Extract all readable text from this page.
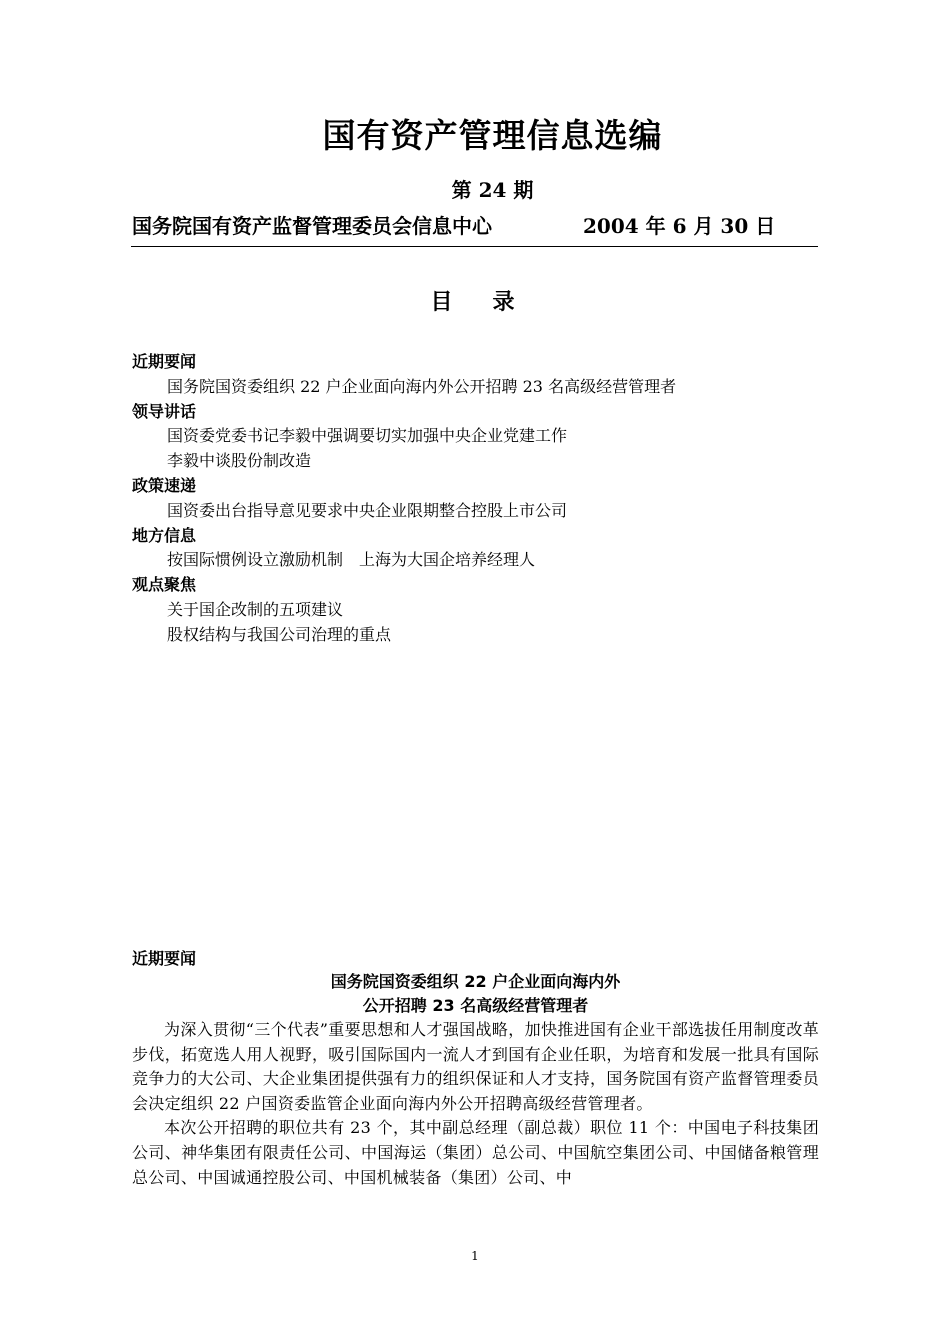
国有资产管理信息选编
第 24 期
国务院国有资产监督管理委员会信息中心	2004 年 6 月 30 日
目录
近期要闻
国务院国资委组织 22 户企业面向海内外公开招聘 23 名高级经营管理者
领导讲话
国资委党委书记李毅中强调要切实加强中央企业党建工作
李毅中谈股份制改造
政策速递
国资委出台指导意见要求中央企业限期整合控股上市公司
地方信息
按国际惯例设立激励机制　上海为大国企培养经理人
观点聚焦
关于国企改制的五项建议
股权结构与我国公司治理的重点
近期要闻
国务院国资委组织 22 户企业面向海内外
公开招聘 23 名高级经营管理者

为深入贯彻“三个代表”重要思想和人才强国战略，加快推进国有企业干部选拔任用制度改革步伐，拓宽选人用人视野，吸引国际国内一流人才到国有企业任职，为培育和发展一批具有国际竞争力的大公司、大企业集团提供强有力的组织保证和人才支持，国务院国有资产监督管理委员会决定组织 22 户国资委监管企业面向海内外公开招聘高级经营管理者。

本次公开招聘的职位共有 23 个，其中副总经理（副总裁）职位 11 个：中国电子科技集团公司、神华集团有限责任公司、中国海运（集团）总公司、中国航空集团公司、中国储备粮管理总公司、中国诚通控股公司、中国机械装备（集团）公司、中

1
